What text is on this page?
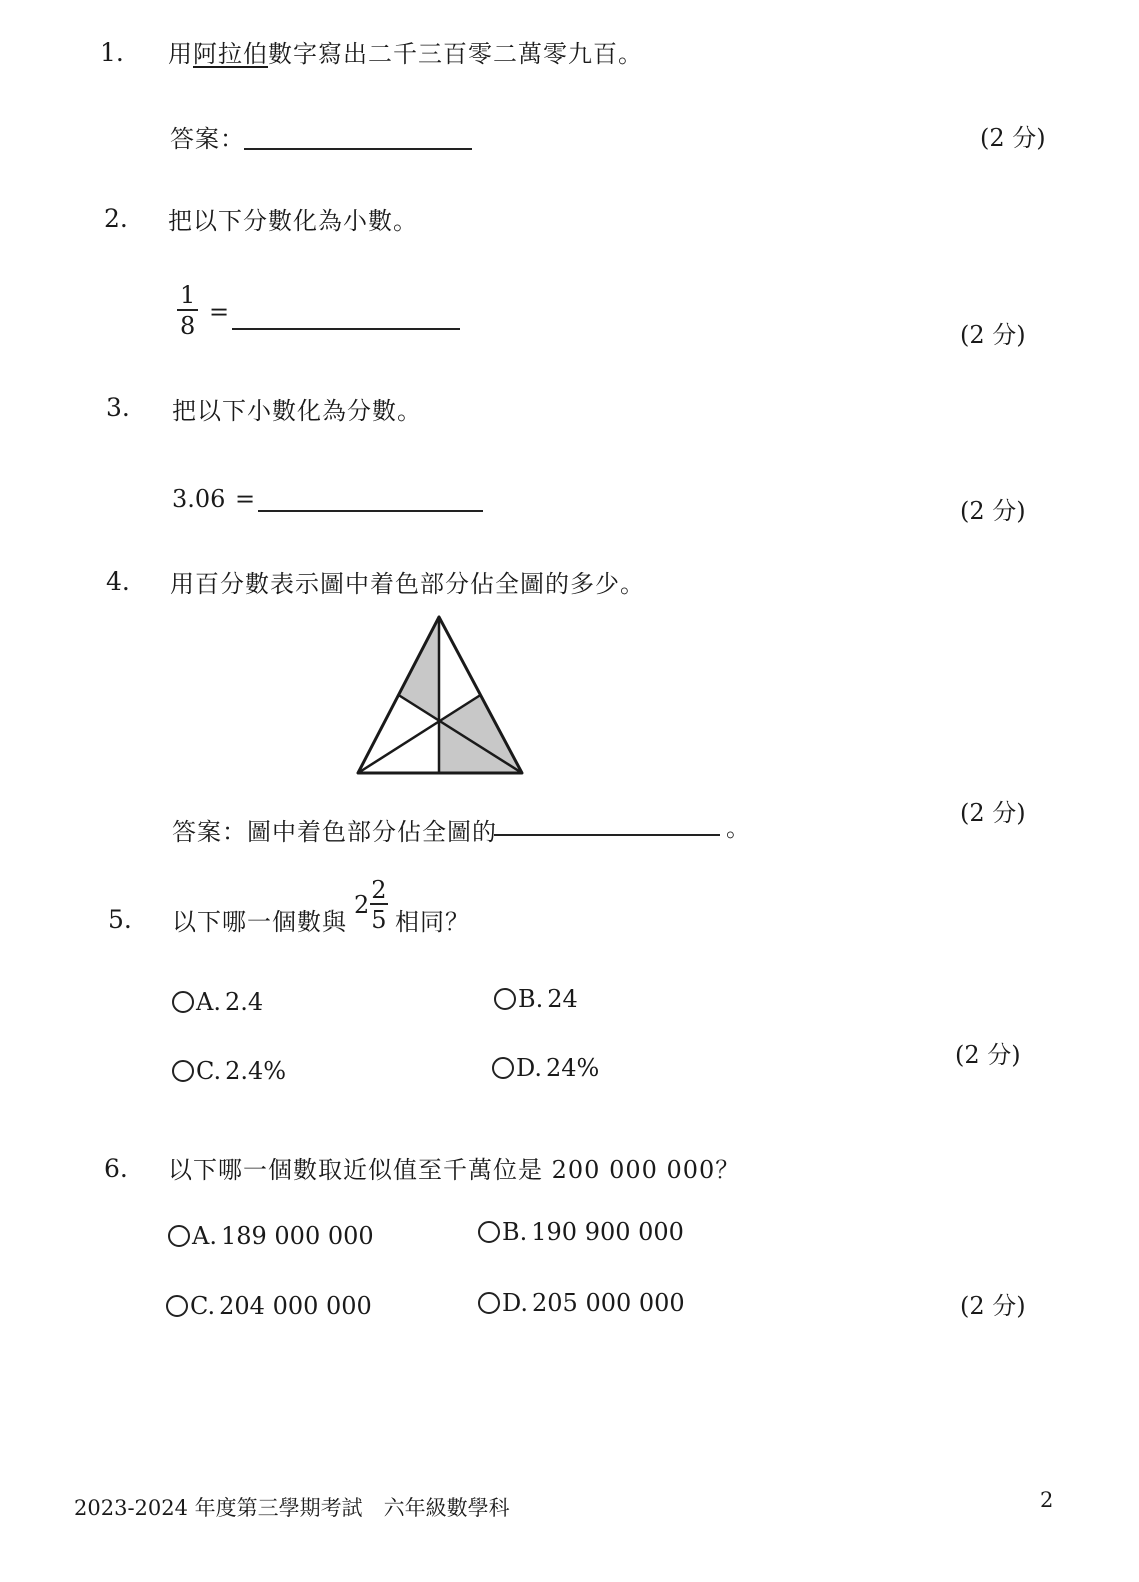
1. 用阿拉伯數字寫出二千三百零二萬零九百。
答案：	(2 分)
2. 把以下分數化為小數。
$\frac{1}{8}$ =
(2 分)
3. 把以下小數化為分數。
3.06 =	(2 分)
4. 用百分數表示圖中着色部分佔全圖的多少。
答案：圖中着色部分佔全圖的	。
(2 分)
5. 以下哪一個數與
$2 \frac{2}{5}$ 相同？
A. 2.4	B. 24
C. 2.4%	D. 24%	(2 分)
6. 以下哪一個數取近似值至千萬位是 200 000 000？
A. 189 000 000	B. 190 900 000
C. 204 000 000	D. 205 000 000	(2 分)
2023-2024 年度第三學期考試　六年級數學科	2
